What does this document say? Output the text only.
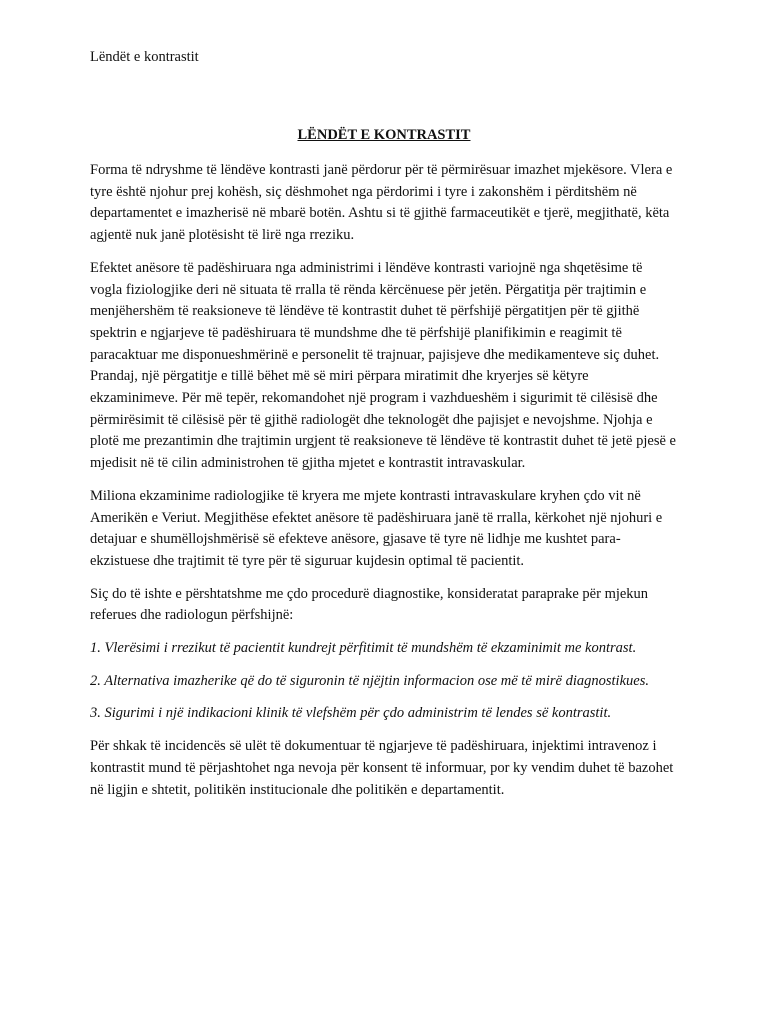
Lëndët e kontrastit
LËNDËT E KONTRASTIT

Forma të ndryshme të lëndëve kontrasti janë përdorur për të përmirësuar imazhet mjekësore. Vlera e tyre është njohur prej kohësh, siç dëshmohet nga përdorimi i tyre i zakonshëm i përditshëm në departamentet e imazherisë në mbarë botën. Ashtu si të gjithë farmaceutikët e tjerë, megjithatë, këta agjentë nuk janë plotësisht të lirë nga rreziku.

Efektet anësore të padëshiruara nga administrimi i lëndëve kontrasti variojnë nga shqetësime të vogla fiziologjike deri në situata të rralla të rënda kërcënuese për jetën. Përgatitja për trajtimin e menjëhershëm të reaksioneve të lëndëve të kontrastit duhet të përfshijë përgatitjen për të gjithë spektrin e ngjarjeve të padëshiruara të mundshme dhe të përfshijë planifikimin e reagimit të paracaktuar me disponueshmërinë e personelit të trajnuar, pajisjeve dhe medikamenteve siç duhet. Prandaj, një përgatitje e tillë bëhet më së miri përpara miratimit dhe kryerjes së këtyre ekzaminimeve. Për më tepër, rekomandohet një program i vazhdueshëm i sigurimit të cilësisë dhe përmirësimit të cilësisë për të gjithë radiologët dhe teknologët dhe pajisjet e nevojshme. Njohja e plotë me prezantimin dhe trajtimin urgjent të reaksioneve të lëndëve të kontrastit duhet të jetë pjesë e mjedisit në të cilin administrohen të gjitha mjetet e kontrastit intravaskular.

Miliona ekzaminime radiologjike të kryera me mjete kontrasti intravaskulare kryhen çdo vit në Amerikën e Veriut. Megjithëse efektet anësore të padëshiruara janë të rralla, kërkohet një njohuri e detajuar e shumëllojshmërisë së efekteve anësore, gjasave të tyre në lidhje me kushtet para-ekzistuese dhe trajtimit të tyre për të siguruar kujdesin optimal të pacientit.

Siç do të ishte e përshtatshme me çdo procedurë diagnostike, konsideratat paraprake për mjekun referues dhe radiologun përfshijnë:

1. Vlerësimi i rrezikut të pacientit kundrejt përfitimit të mundshëm të ekzaminimit me kontrast.

2. Alternativa imazherike që do të siguronin të njëjtin informacion ose më të mirë diagnostikues.

3. Sigurimi i një indikacioni klinik të vlefshëm për çdo administrim të lendes së kontrastit.

Për shkak të incidencës së ulët të dokumentuar të ngjarjeve të padëshiruara, injektimi intravenoz i kontrastit mund të përjashtohet nga nevoja për konsent të informuar, por ky vendim duhet të bazohet në ligjin e shtetit, politikën institucionale dhe politikën e departamentit.
